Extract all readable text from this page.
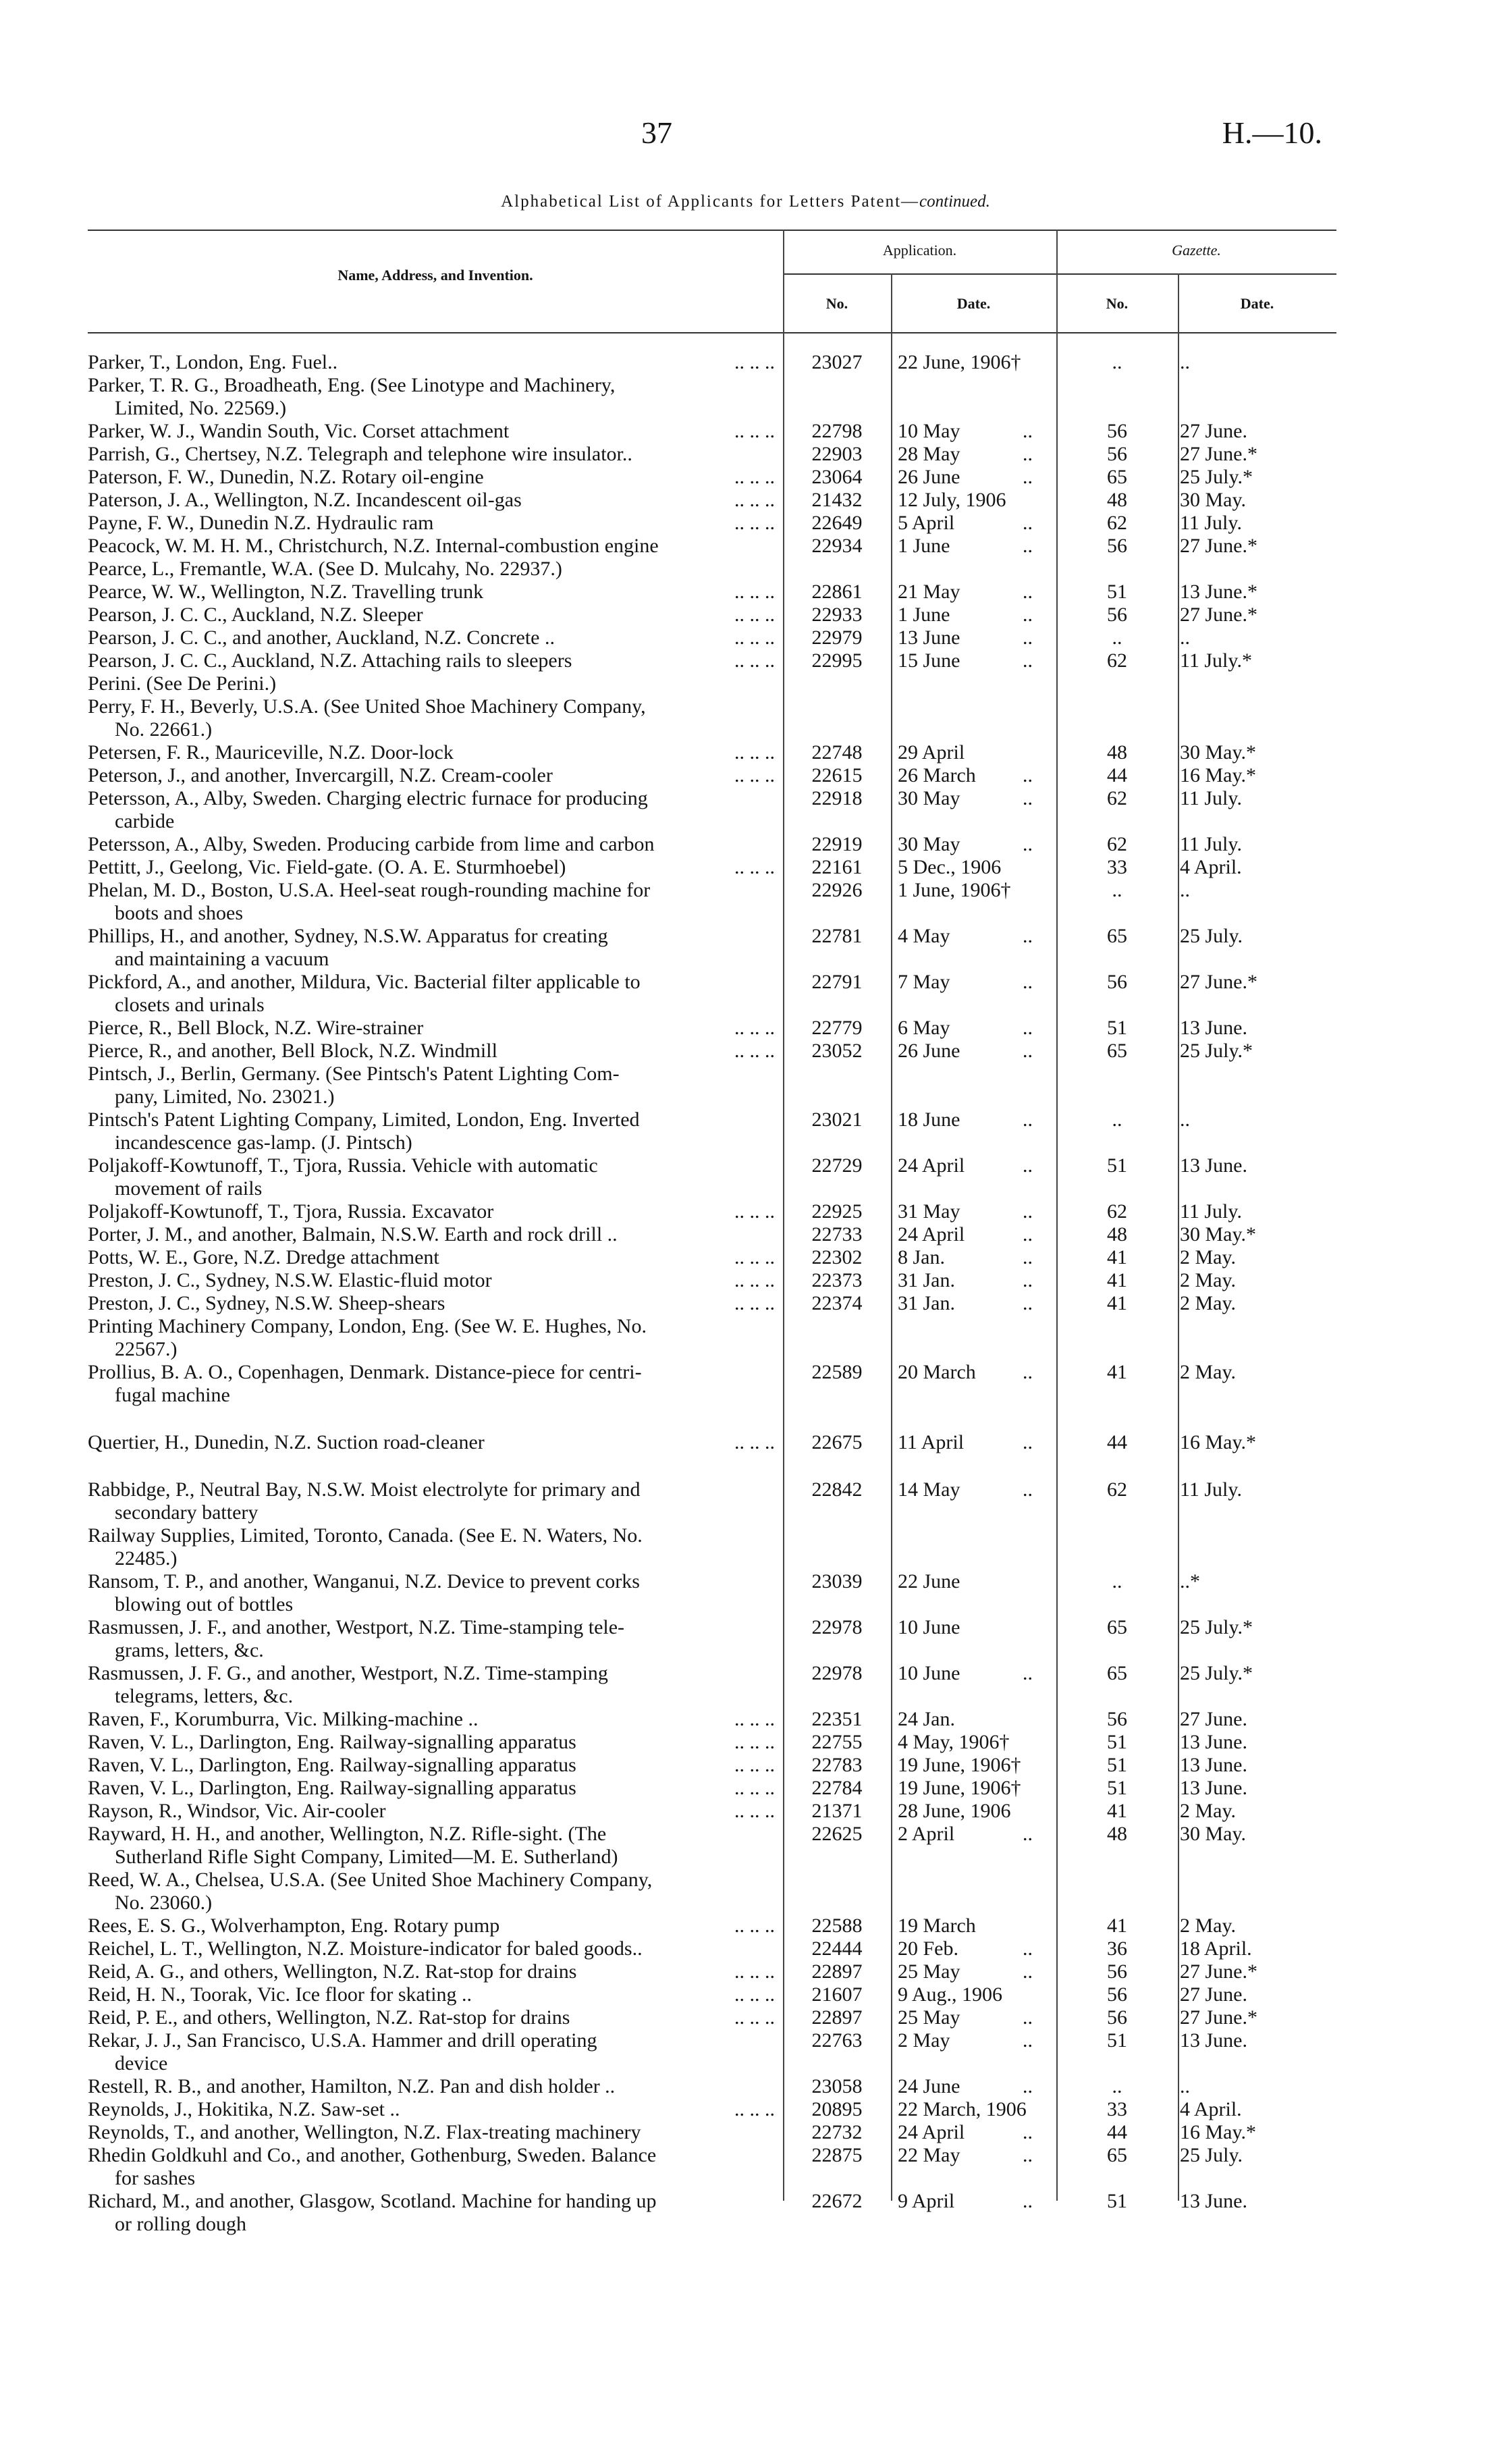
37	H.—10.
Alphabetical List of Applicants for Letters Patent—continued.
Name, Address, and Invention.
Application.	Gazette.
No.	Date.	No.	Date.
Parker, T., London, Eng. Fuel..	.. .. ..	23027	22 June, 1906†	..	..
Parker, T. R. G., Broadheath, Eng. (See Linotype and Machinery,
Limited, No. 22569.)
Parker, W. J., Wandin South, Vic. Corset attachment	.. .. ..	22798	10 May	..	56	27 June.
Parrish, G., Chertsey, N.Z. Telegraph and telephone wire insulator..	22903	28 May	..	56	27 June.*
Paterson, F. W., Dunedin, N.Z. Rotary oil-engine	.. .. ..	23064	26 June	..	65	25 July.*
Paterson, J. A., Wellington, N.Z. Incandescent oil-gas	.. .. ..	21432	12 July, 1906	48	30 May.
Payne, F. W., Dunedin N.Z. Hydraulic ram	.. .. ..	22649	5 April	..	62	11 July.
Peacock, W. M. H. M., Christchurch, N.Z. Internal-combustion engine	22934	1 June	..	56	27 June.*
Pearce, L., Fremantle, W.A. (See D. Mulcahy, No. 22937.)
Pearce, W. W., Wellington, N.Z. Travelling trunk	.. .. ..	22861	21 May	..	51	13 June.*
Pearson, J. C. C., Auckland, N.Z. Sleeper	.. .. ..	22933	1 June	..	56	27 June.*
Pearson, J. C. C., and another, Auckland, N.Z. Concrete ..	.. .. ..	22979	13 June	..	..	..
Pearson, J. C. C., Auckland, N.Z. Attaching rails to sleepers	.. .. ..	22995	15 June	..	62	11 July.*
Perini. (See De Perini.)
Perry, F. H., Beverly, U.S.A. (See United Shoe Machinery Company,
No. 22661.)
Petersen, F. R., Mauriceville, N.Z. Door-lock	.. .. ..	22748	29 April	48	30 May.*
Peterson, J., and another, Invercargill, N.Z. Cream-cooler	.. .. ..	22615	26 March	..	44	16 May.*
Petersson, A., Alby, Sweden. Charging electric furnace for producing
carbide
22918	30 May	..	62	11 July.
Petersson, A., Alby, Sweden. Producing carbide from lime and carbon	22919	30 May	..	62	11 July.
Pettitt, J., Geelong, Vic. Field-gate. (O. A. E. Sturmhoebel)	.. .. ..	22161	5 Dec., 1906	33	4 April.
Phelan, M. D., Boston, U.S.A. Heel-seat rough-rounding machine for
boots and shoes
22926	1 June, 1906†	..	..
Phillips, H., and another, Sydney, N.S.W. Apparatus for creating
and maintaining a vacuum
22781	4 May	..	65	25 July.
Pickford, A., and another, Mildura, Vic. Bacterial filter applicable to
closets and urinals
22791	7 May	..	56	27 June.*
Pierce, R., Bell Block, N.Z. Wire-strainer	.. .. ..	22779	6 May	..	51	13 June.
Pierce, R., and another, Bell Block, N.Z. Windmill	.. .. ..	23052	26 June	..	65	25 July.*
Pintsch, J., Berlin, Germany. (See Pintsch's Patent Lighting Com-
pany, Limited, No. 23021.)
Pintsch's Patent Lighting Company, Limited, London, Eng. Inverted
incandescence gas-lamp. (J. Pintsch)
23021	18 June	..	..	..
Poljakoff-Kowtunoff, T., Tjora, Russia. Vehicle with automatic
movement of rails
22729	24 April	..	51	13 June.
Poljakoff-Kowtunoff, T., Tjora, Russia. Excavator	.. .. ..	22925	31 May	..	62	11 July.
Porter, J. M., and another, Balmain, N.S.W. Earth and rock drill ..	22733	24 April	..	48	30 May.*
Potts, W. E., Gore, N.Z. Dredge attachment	.. .. ..	22302	8 Jan.	..	41	2 May.
Preston, J. C., Sydney, N.S.W. Elastic-fluid motor	.. .. ..	22373	31 Jan.	..	41	2 May.
Preston, J. C., Sydney, N.S.W. Sheep-shears	.. .. ..	22374	31 Jan.	..	41	2 May.
Printing Machinery Company, London, Eng. (See W. E. Hughes, No.
22567.)
Prollius, B. A. O., Copenhagen, Denmark. Distance-piece for centri-
fugal machine
22589	20 March	..	41	2 May.
Quertier, H., Dunedin, N.Z. Suction road-cleaner	.. .. ..	22675	11 April	..	44	16 May.*
Rabbidge, P., Neutral Bay, N.S.W. Moist electrolyte for primary and
secondary battery
22842	14 May	..	62	11 July.
Railway Supplies, Limited, Toronto, Canada. (See E. N. Waters, No.
22485.)
Ransom, T. P., and another, Wanganui, N.Z. Device to prevent corks
blowing out of bottles
23039	22 June	..	..*
Rasmussen, J. F., and another, Westport, N.Z. Time-stamping tele-
grams, letters, &c.
22978	10 June	65	25 July.*
Rasmussen, J. F. G., and another, Westport, N.Z. Time-stamping
telegrams, letters, &c.
22978	10 June	..	65	25 July.*
Raven, F., Korumburra, Vic. Milking-machine ..	.. .. ..	22351	24 Jan.	56	27 June.
Raven, V. L., Darlington, Eng. Railway-signalling apparatus	.. .. ..	22755	4 May, 1906†	51	13 June.
Raven, V. L., Darlington, Eng. Railway-signalling apparatus	.. .. ..	22783	19 June, 1906†	51	13 June.
Raven, V. L., Darlington, Eng. Railway-signalling apparatus	.. .. ..	22784	19 June, 1906†	51	13 June.
Rayson, R., Windsor, Vic. Air-cooler	.. .. ..	21371	28 June, 1906	41	2 May.
Rayward, H. H., and another, Wellington, N.Z. Rifle-sight. (The
Sutherland Rifle Sight Company, Limited—M. E. Sutherland)
22625	2 April	..	48	30 May.
Reed, W. A., Chelsea, U.S.A. (See United Shoe Machinery Company,
No. 23060.)
Rees, E. S. G., Wolverhampton, Eng. Rotary pump	.. .. ..	22588	19 March	41	2 May.
Reichel, L. T., Wellington, N.Z. Moisture-indicator for baled goods..	22444	20 Feb.	..	36	18 April.
Reid, A. G., and others, Wellington, N.Z. Rat-stop for drains	.. .. ..	22897	25 May	..	56	27 June.*
Reid, H. N., Toorak, Vic. Ice floor for skating ..	.. .. ..	21607	9 Aug., 1906	56	27 June.
Reid, P. E., and others, Wellington, N.Z. Rat-stop for drains	.. .. ..	22897	25 May	..	56	27 June.*
Rekar, J. J., San Francisco, U.S.A. Hammer and drill operating
device
22763	2 May	..	51	13 June.
Restell, R. B., and another, Hamilton, N.Z. Pan and dish holder ..	23058	24 June	..	..	..
Reynolds, J., Hokitika, N.Z. Saw-set ..	.. .. ..	20895	22 March, 1906	33	4 April.
Reynolds, T., and another, Wellington, N.Z. Flax-treating machinery	22732	24 April	..	44	16 May.*
Rhedin Goldkuhl and Co., and another, Gothenburg, Sweden. Balance
for sashes
22875	22 May	..	65	25 July.
Richard, M., and another, Glasgow, Scotland. Machine for handing up
or rolling dough
22672	9 April	..	51	13 June.
